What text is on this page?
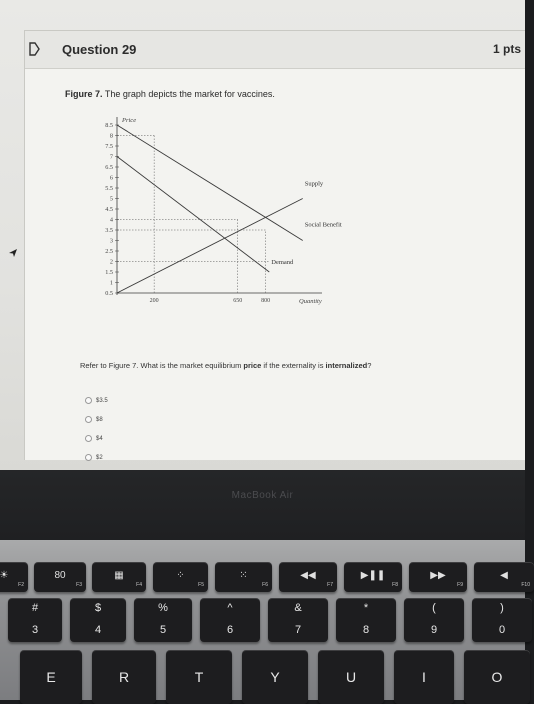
Question 29	1 pts
Figure 7. The graph depicts the market for vaccines.
8.5
8
7.5
7
6.5
6
5.5
5
4.5
4
3.5
3
2.5
2
1.5
1
0.5
Price
200	650	800	Quantity
Supply
Social Benefit
Demand
Refer to Figure 7. What is the market equilibrium price if the externality is internalized?
$3.5
$8
$4
$2
MacBook Air
☀
F2
80
F3
▦
F4
⁘
F5
⁙
F6
◀◀
F7
▶❚❚
F8
▶▶
F9
◀
F10
#
3
$
4
%
5
^
6
&
7
*
8
(
9
)
0
E	R	T	Y	U	I	O
